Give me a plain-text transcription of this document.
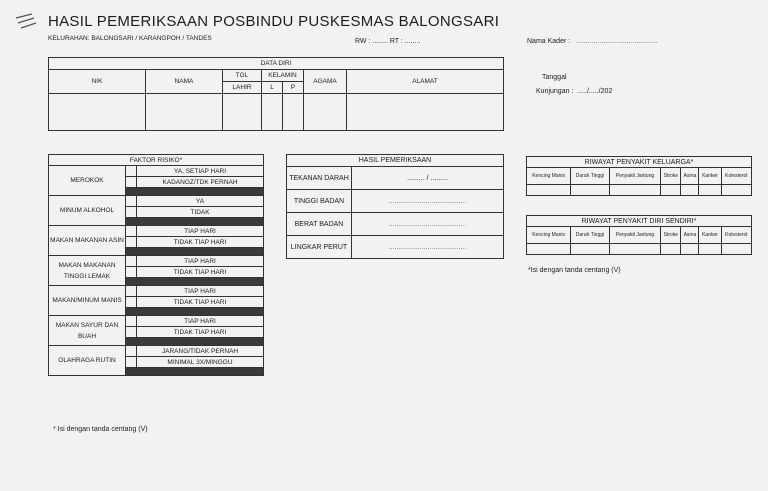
HASIL PEMERIKSAAN POSBINDU PUSKESMAS BALONGSARI
KELURAHAN: BALONGSARI / KARANGPOH / TANDES	RW : ........ RT : ........	Nama Kader : ..........................................
Tanggal
Kunjungan : ...../...../202
DATA DIRI						
NIK	NAMA	TGL	KELAMIN		AGAMA	ALAMAT
		LAHIR	L	P		

FAKTOR RISIKO*		
MEROKOK		YA, SETIAP HARI
		KADANGZ/TDK PERNAH

MINUM ALKOHOL		YA
		TIDAK

MAKAN MAKANAN ASIN		TIAP HARI
		TIDAK TIAP HARI

MAKAN MAKANAN TINGGI LEMAK		TIAP HARI
		TIDAK TIAP HARI

MAKAN/MINUM MANIS		TIAP HARI
		TIDAK TIAP HARI

MAKAN SAYUR DAN BUAH		TIAP HARI
		TIDAK TIAP HARI

OLAHRAGA RUTIN		JARANG/TIDAK PERNAH
		MINIMAL 3X/MINGGU

* Isi dengan tanda centang (V)
HASIL PEMERIKSAAN	
TEKANAN DARAH	......... / .........
TINGGI BADAN	........................................
BERAT BADAN	........................................
LINGKAR PERUT	........................................
RIWAYAT PENYAKIT KELUARGA*						
Kencing Manis	Darah Tinggi	Penyakit Jantung	Stroke	Asma	Kanker	Kolesterol

RIWAYAT PENYAKIT DIRI SENDIRI*						
Kencing Manis	Darah Tinggi	Penyakit Jantung	Stroke	Asma	Kanker	Kolesterol

*Isi dengan tanda centang (V)
